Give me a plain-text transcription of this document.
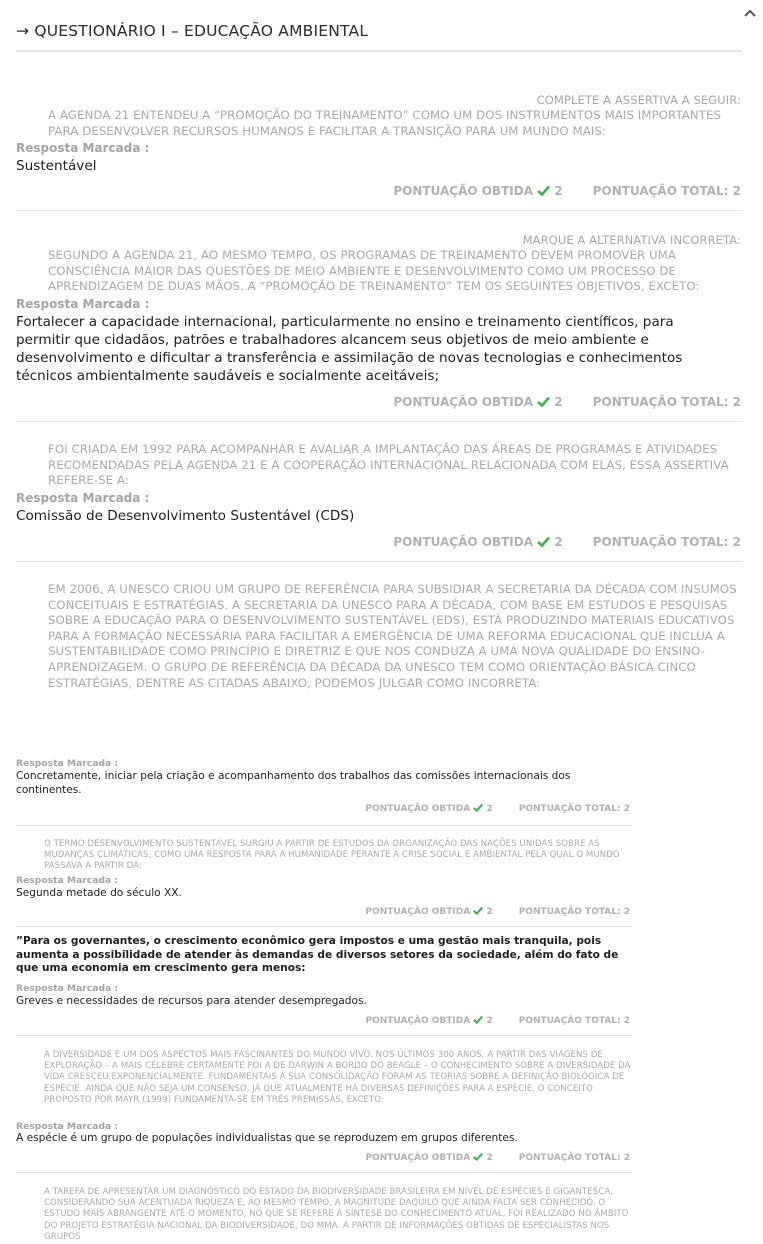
→ QUESTIONÁRIO I – EDUCAÇÃO AMBIENTAL
COMPLETE A ASSERTIVA A SEGUIR:
A AGENDA 21 ENTENDEU A “PROMOÇÃO DO TREINAMENTO” COMO UM DOS INSTRUMENTOS MAIS IMPORTANTES PARA DESENVOLVER RECURSOS HUMANOS E FACILITAR A TRANSIÇÃO PARA UM MUNDO MAIS:
Resposta Marcada :
Sustentável
PONTUAÇÃO OBTIDA 2	PONTUAÇÃO TOTAL: 2
MARQUE A ALTERNATIVA INCORRETA:
SEGUNDO A AGENDA 21, AO MESMO TEMPO, OS PROGRAMAS DE TREINAMENTO DEVEM PROMOVER UMA CONSCIÊNCIA MAIOR DAS QUESTÕES DE MEIO AMBIENTE E DESENVOLVIMENTO COMO UM PROCESSO DE APRENDIZAGEM DE DUAS MÃOS. A “PROMOÇÃO DE TREINAMENTO” TEM OS SEGUINTES OBJETIVOS, EXCETO:
Resposta Marcada :
Fortalecer a capacidade internacional, particularmente no ensino e treinamento científicos, para permitir que cidadãos, patrões e trabalhadores alcancem seus objetivos de meio ambiente e desenvolvimento e dificultar a transferência e assimilação de novas tecnologias e conhecimentos técnicos ambientalmente saudáveis e socialmente aceitáveis;
PONTUAÇÃO OBTIDA 2	PONTUAÇÃO TOTAL: 2
FOI CRIADA EM 1992 PARA ACOMPANHAR E AVALIAR A IMPLANTAÇÃO DAS ÁREAS DE PROGRAMAS E ATIVIDADES RECOMENDADAS PELA AGENDA 21 E A COOPERAÇÃO INTERNACIONAL RELACIONADA COM ELAS, ESSA ASSERTIVA REFERE-SE A:
Resposta Marcada :
Comissão de Desenvolvimento Sustentável (CDS)
PONTUAÇÃO OBTIDA 2	PONTUAÇÃO TOTAL: 2
EM 2006, A UNESCO CRIOU UM GRUPO DE REFERÊNCIA PARA SUBSIDIAR A SECRETARIA DA DÉCADA COM INSUMOS CONCEITUAIS E ESTRATÉGIAS. A SECRETARIA DA UNESCO PARA A DÉCADA, COM BASE EM ESTUDOS E PESQUISAS SOBRE A EDUCAÇÃO PARA O DESENVOLVIMENTO SUSTENTÁVEL (EDS), ESTÁ PRODUZINDO MATERIAIS EDUCATIVOS PARA A FORMAÇÃO NECESSÁRIA PARA FACILITAR A EMERGÊNCIA DE UMA REFORMA EDUCACIONAL QUE INCLUA A SUSTENTABILIDADE COMO PRINCÍPIO E DIRETRIZ E QUE NOS CONDUZA A UMA NOVA QUALIDADE DO ENSINO-APRENDIZAGEM. O GRUPO DE REFERÊNCIA DA DÉCADA DA UNESCO TEM COMO ORIENTAÇÃO BÁSICA CINCO ESTRATÉGIAS, DENTRE AS CITADAS ABAIXO, PODEMOS JULGAR COMO INCORRETA:
Resposta Marcada :
Concretamente, iniciar pela criação e acompanhamento dos trabalhos das comissões internacionais dos continentes.
PONTUAÇÃO OBTIDA 2	PONTUAÇÃO TOTAL: 2
O TERMO DESENVOLVIMENTO SUSTENTÁVEL SURGIU A PARTIR DE ESTUDOS DA ORGANIZAÇÃO DAS NAÇÕES UNIDAS SOBRE AS MUDANÇAS CLIMÁTICAS, COMO UMA RESPOSTA PARA A HUMANIDADE PERANTE A CRISE SOCIAL E AMBIENTAL PELA QUAL O MUNDO PASSAVA A PARTIR DA:
Resposta Marcada :
Segunda metade do século XX.
PONTUAÇÃO OBTIDA 2	PONTUAÇÃO TOTAL: 2
”Para os governantes, o crescimento econômico gera impostos e uma gestão mais tranquila, pois aumenta a possibilidade de atender às demandas de diversos setores da sociedade, além do fato de que uma economia em crescimento gera menos:
Resposta Marcada :
Greves e necessidades de recursos para atender desempregados.
PONTUAÇÃO OBTIDA 2	PONTUAÇÃO TOTAL: 2
A DIVERSIDADE É UM DOS ASPECTOS MAIS FASCINANTES DO MUNDO VIVO. NOS ÚLTIMOS 300 ANOS, A PARTIR DAS VIAGENS DE EXPLORAÇÃO – A MAIS CÉLEBRE CERTAMENTE FOI A DE DARWIN A BORDO DO BEAGLE – O CONHECIMENTO SOBRE A DIVERSIDADE DA VIDA CRESCEU EXPONENCIALMENTE. FUNDAMENTAIS À SUA CONSOLIDAÇÃO FORAM AS TEORIAS SOBRE A DEFINIÇÃO BIOLÓGICA DE ESPÉCIE. AINDA QUE NÃO SEJA UM CONSENSO, JÁ QUE ATUALMENTE HÁ DIVERSAS DEFINIÇÕES PARA A ESPÉCIE, O CONCEITO PROPOSTO POR MAYR (1999) FUNDAMENTA-SE EM TRÊS PREMISSAS, EXCETO:
Resposta Marcada :
A espécie é um grupo de populações individualistas que se reproduzem em grupos diferentes.
PONTUAÇÃO OBTIDA 2	PONTUAÇÃO TOTAL: 2
A TAREFA DE APRESENTAR UM DIAGNÓSTICO DO ESTADO DA BIODIVERSIDADE BRASILEIRA EM NÍVEL DE ESPÉCIES É GIGANTESCA, CONSIDERANDO SUA ACENTUADA RIQUEZA E, AO MESMO TEMPO, A MAGNITUDE DAQUILO QUE AINDA FALTA SER CONHECIDO. O ESTUDO MAIS ABRANGENTE ATÉ O MOMENTO, NO QUE SE REFERE À SÍNTESE DO CONHECIMENTO ATUAL, FOI REALIZADO NO ÂMBITO DO PROJETO ESTRATÉGIA NACIONAL DA BIODIVERSIDADE, DO MMA. A PARTIR DE INFORMAÇÕES OBTIDAS DE ESPECIALISTAS NOS GRUPOS
